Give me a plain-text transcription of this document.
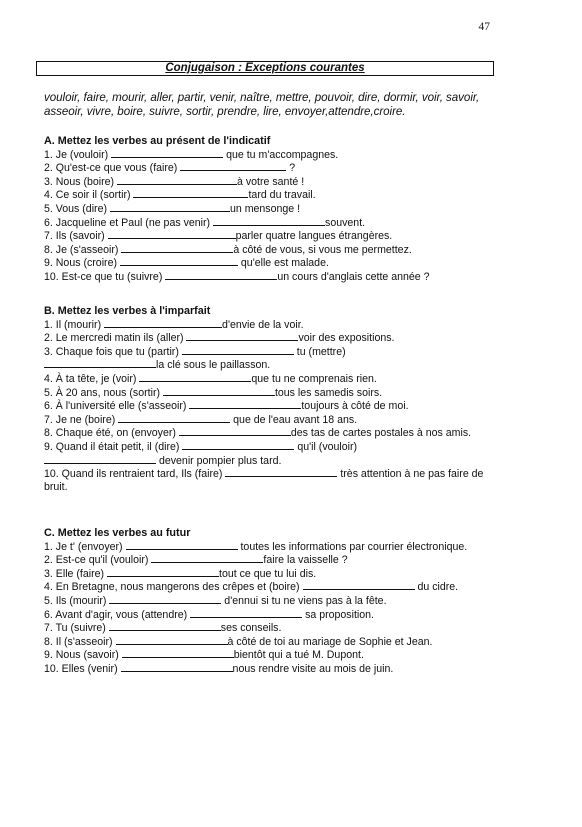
47
Conjugaison : Exceptions courantes
vouloir, faire, mourir, aller, partir, venir, naître, mettre, pouvoir, dire, dormir, voir, savoir, asseoir, vivre, boire, suivre, sortir, prendre, lire, envoyer,attendre,croire.
A. Mettez les verbes au présent de l'indicatif
1. Je (vouloir)	que tu m'accompagnes.
2. Qu'est-ce que vous (faire)	?
3. Nous (boire)	à votre santé !
4. Ce soir il (sortir)	tard du travail.
5. Vous (dire)	un mensonge !
6. Jacqueline et Paul (ne pas venir)	souvent.
7. Ils (savoir)	parler quatre langues étrangères.
8. Je (s'asseoir)	à côté de vous, si vous me permettez.
9. Nous (croire)	qu'elle est malade.
10. Est-ce que tu (suivre)	un cours d'anglais cette année ?
B. Mettez les verbes à l'imparfait
1. Il (mourir)	d'envie de la voir.
2. Le mercredi matin ils (aller)	voir des expositions.
3. Chaque fois que tu (partir)	tu (mettre)
la clé sous le paillasson.
4. À ta tête, je (voir)	que tu ne comprenais rien.
5. À 20 ans, nous (sortir)	tous les samedis soirs.
6. À l'université elle (s'asseoir)	toujours à côté de moi.
7. Je ne (boire)	que de l'eau avant 18 ans.
8. Chaque été, on (envoyer)	des tas de cartes postales à nos amis.
9. Quand il était petit, il (dire)	qu'il (vouloir)
devenir pompier plus tard.
10. Quand ils rentraient tard, Ils (faire)	très attention à ne pas faire de bruit.
C. Mettez les verbes au futur
1. Je t' (envoyer)	toutes les informations par courrier électronique.
2. Est-ce qu'il (vouloir)	faire la vaisselle ?
3. Elle (faire)	tout ce que tu lui dis.
4. En Bretagne, nous mangerons des crêpes et (boire)	du cidre.
5. Ils (mourir)	d'ennui si tu ne viens pas à la fête.
6. Avant d'agir, vous (attendre)	sa proposition.
7. Tu (suivre)	ses conseils.
8. Il (s'asseoir)	à côté de toi au mariage de Sophie et Jean.
9. Nous (savoir)	bientôt qui a tué M. Dupont.
10. Elles (venir)	nous rendre visite au mois de juin.
